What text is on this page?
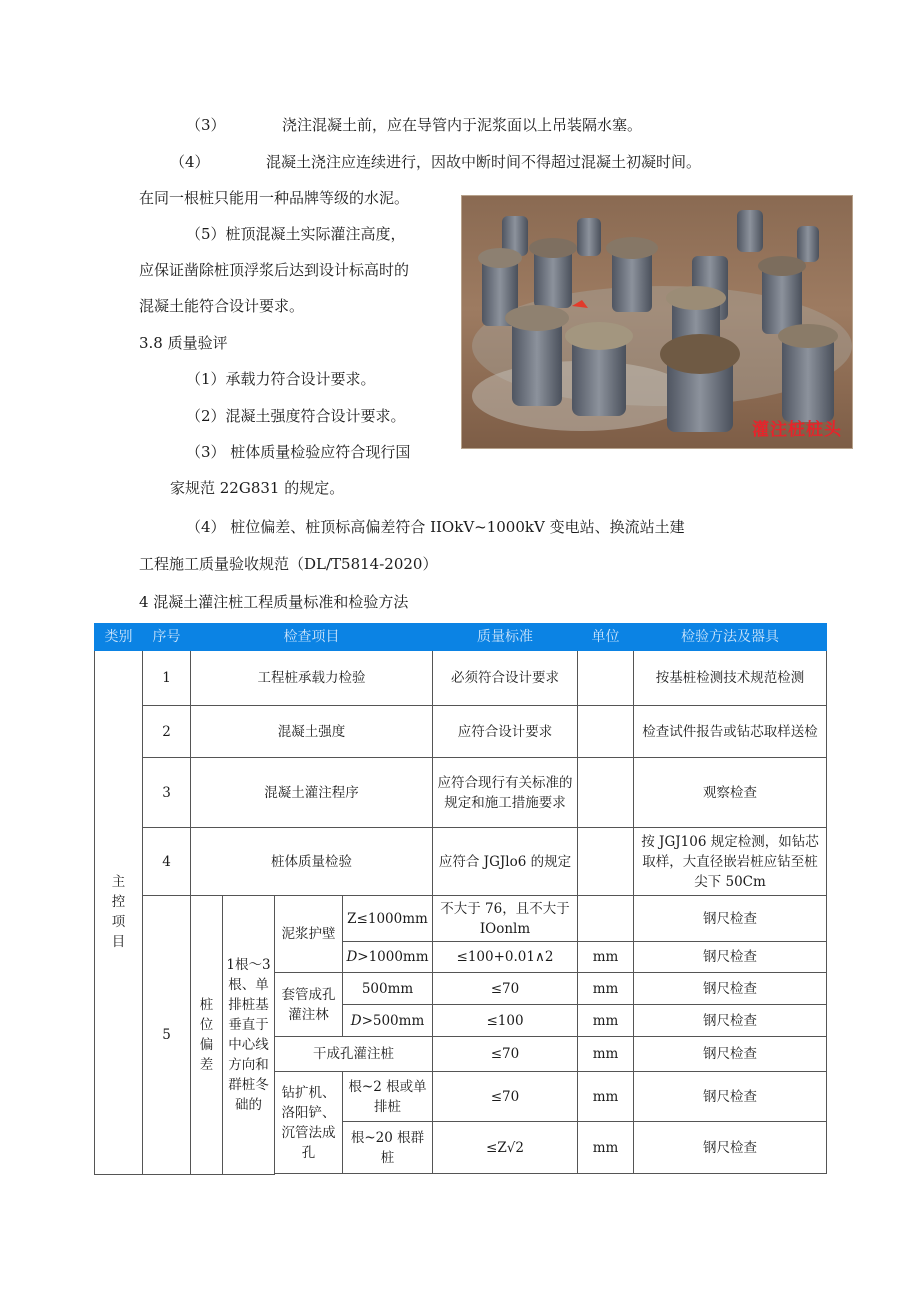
（3）	浇注混凝土前，应在导管内于泥浆面以上吊装隔水塞。
（4）	混凝土浇注应连续进行，因故中断时间不得超过混凝土初凝时间。
在同一根桩只能用一种品牌等级的水泥。
（5）桩顶混凝土实际灌注高度，
应保证凿除桩顶浮浆后达到设计标高时的
混凝土能符合设计要求。
3.8 质量验评
（1）承载力符合设计要求。
（2）混凝土强度符合设计要求。
（3） 桩体质量检验应符合现行国
家规范 22G831 的规定。
（4） 桩位偏差、桩顶标高偏差符合 IIOkV~1000kV 变电站、换流站土建
工程施工质量验收规范（DL/T5814-2020）
4 混凝土灌注桩工程质量标准和检验方法
灌注桩桩头
类别	序号	检查项目				质量标准	单位	检验方法及器具
主控项目	1	工程桩承载力检验				必须符合设计要求		按基桩检测技术规范检测
	2	混凝土强度				应符合设计要求		检查试件报告或钻芯取样送检
	3	混凝土灌注程序				应符合现行有关标准的规定和施工措施要求		观察检查
	4	桩体质量检验				应符合 JGJlo6 的规定		按 JGJ106 规定检测，如钻芯取样，大直径嵌岩桩应钻至桩尖下 50Cm
	5	桩位偏差	1根～3根、单排桩基垂直于中心线方向和群桩冬础的	泥浆护壁	Z≤1000mm	不大于 76，且不大于 IOonlm		钢尺检查
					D>1000mm	≤100+0.01∧2	mm	钢尺检查
				套管成孔灌注林	500mm	≤70	mm	钢尺检查
					D>500mm	≤100	mm	钢尺检查
				干成孔灌注桩		≤70	mm	钢尺检查
				钻扩机、洛阳铲、沉管法成孔	根~2 根或单排桩	≤70	mm	钢尺检查
					根~20 根群桩	≤Z√2	mm	钢尺检查
